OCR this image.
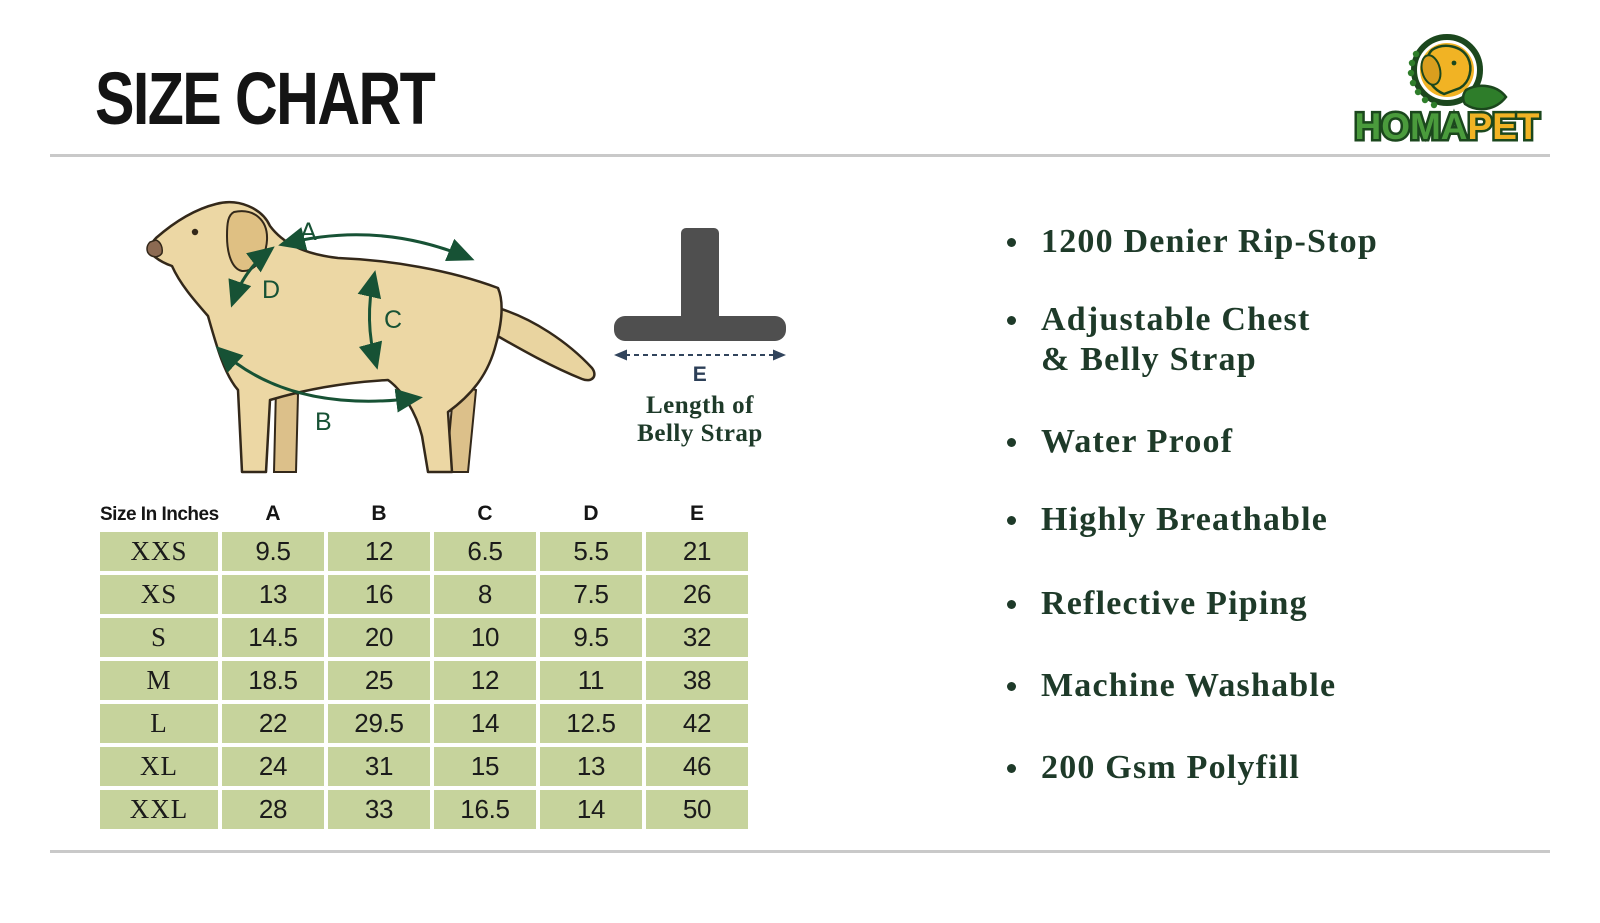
SIZE CHART	HOMAPET
A
B
C
D
E
Length of
Belly Strap
Size In Inches	A	B	C	D	E
XXS	9.5	12	6.5	5.5	21
XS	13	16	8	7.5	26
S	14.5	20	10	9.5	32
M	18.5	25	12	11	38
L	22	29.5	14	12.5	42
XL	24	31	15	13	46
XXL	28	33	16.5	14	50
1200 Denier Rip-Stop
Adjustable Chest
& Belly Strap
Water Proof
Highly Breathable
Reflective Piping
Machine Washable
200 Gsm Polyfill
